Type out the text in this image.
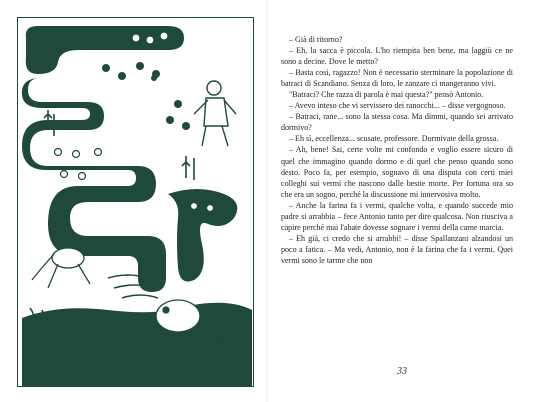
– Già di ritorno?

– Eh, la sacca è piccola. L'ho riempita ben bene, ma laggiù ce ne sono a decine. Dove le metto?

– Basta così, ragazzo! Non è necessario sterminare la popolazione di batraci di Scandiano. Senza di loro, le zanzare ci mangeranno vivi.

"Batraci? Che razza di parola è mai questa?" pensò Antonio.

– Avevo inteso che vi servissero dei ranocchi... – disse vergognoso.

– Batraci, rane... sono la stessa cosa. Ma dimmi, quando sei arrivato dormivo?

– Eh sì, eccellenza... scusate, professore. Dormivate della grossa.

– Ah, bene! Sai, certe volte mi confondo e voglio essere sicuro di quel che immagino quando dormo e di quel che penso quando sono desto. Poco fa, per esempio, sognavo di una disputa con certi miei colleghi sui vermi che nascono dalle bestie morte. Per fortuna ora so che era un sogno, perché la discussione mi innervosiva molto.

– Anche la farina fa i vermi, qualche volta, e quando succede mio padre si arrabbia – fece Antonio tanto per dire qualcosa. Non riusciva a capire perché mai l'abate dovesse sognare i vermi della carne marcia.

– Eh già, ci credo che si arrabbi! – disse Spallanzani alzandosi un poco a fatica. – Ma vedi, Antonio, non è la farina che fa i vermi. Quei vermi sono le tarme che non

33
